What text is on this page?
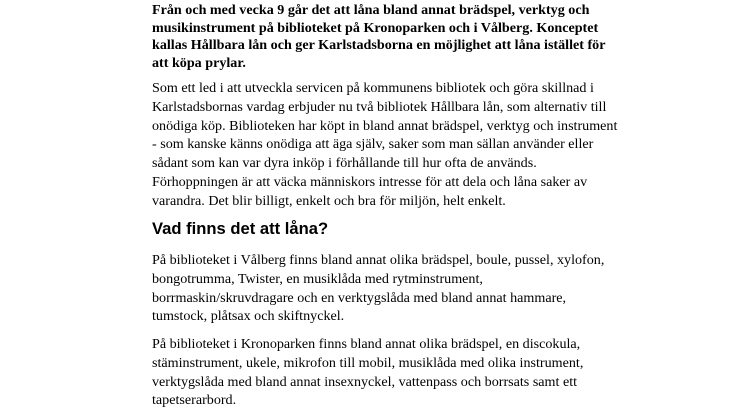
Från och med vecka 9 går det att låna bland annat brädspel, verktyg och musikinstrument på biblioteket på Kronoparken och i Vålberg. Konceptet kallas Hållbara lån och ger Karlstadsborna en möjlighet att låna istället för att köpa prylar.

Som ett led i att utveckla servicen på kommunens bibliotek och göra skillnad i Karlstadsbornas vardag erbjuder nu två bibliotek Hållbara lån, som alternativ till onödiga köp. Biblioteken har köpt in bland annat brädspel, verktyg och instrument - som kanske känns onödiga att äga själv, saker som man sällan använder eller sådant som kan var dyra inköp i förhållande till hur ofta de används. Förhoppningen är att väcka människors intresse för att dela och låna saker av varandra. Det blir billigt, enkelt och bra för miljön, helt enkelt.

Vad finns det att låna?

På biblioteket i Vålberg finns bland annat olika brädspel, boule, pussel, xylofon, bongotrumma, Twister, en musiklåda med rytminstrument, borrmaskin/skruvdragare och en verktygslåda med bland annat hammare, tumstock, plåtsax och skiftnyckel.

På biblioteket i Kronoparken finns bland annat olika brädspel, en discokula, stäminstrument, ukele, mikrofon till mobil, musiklåda med olika instrument, verktygslåda med bland annat insexnyckel, vattenpass och borrsats samt ett tapetserarbord.
